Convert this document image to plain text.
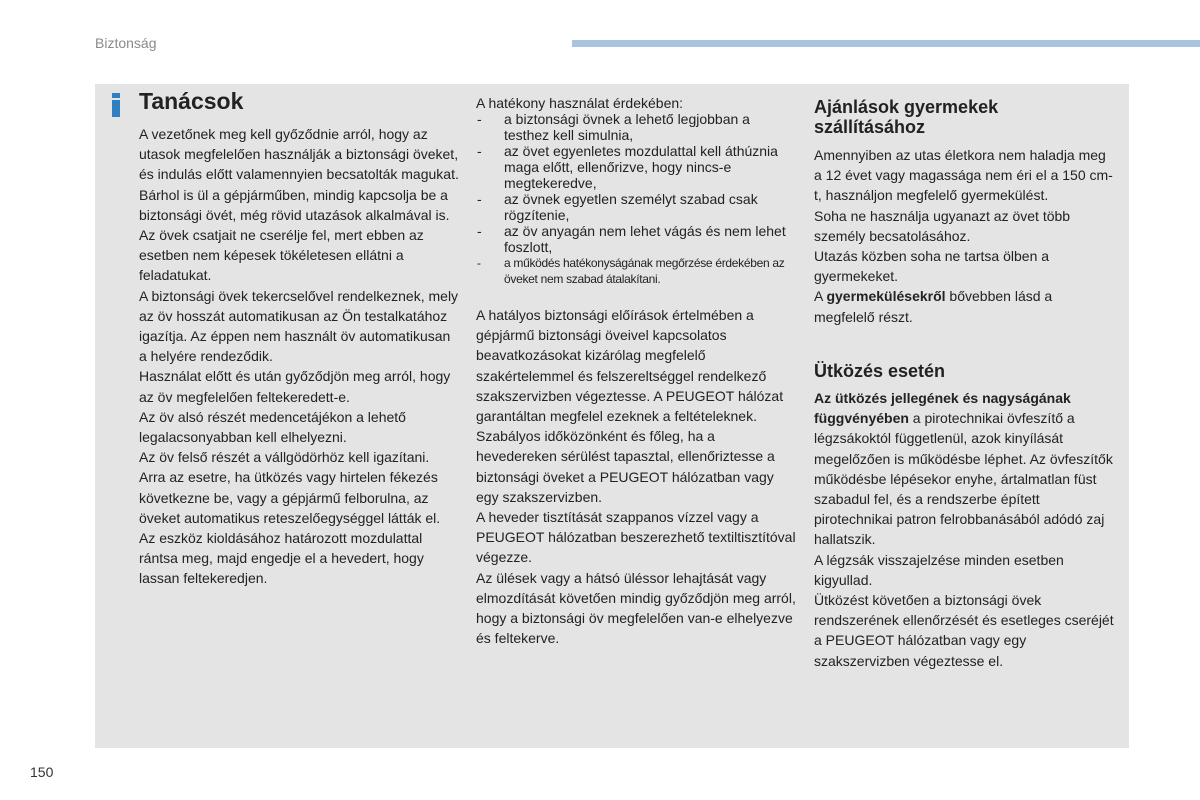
Biztonság
Tanácsok

A vezetőnek meg kell győződnie arról, hogy az utasok megfelelően használják a biztonsági öveket, és indulás előtt valamennyien becsatolták magukat.

Bárhol is ül a gépjárműben, mindig kapcsolja be a biztonsági övét, még rövid utazások alkalmával is.

Az övek csatjait ne cserélje fel, mert ebben az esetben nem képesek tökéletesen ellátni a feladatukat.

A biztonsági övek tekercselővel rendelkeznek, mely az öv hosszát automatikusan az Ön testalkatához igazítja. Az éppen nem használt öv automatikusan a helyére rendeződik.

Használat előtt és után győződjön meg arról, hogy az öv megfelelően feltekeredett-e.

Az öv alsó részét medencetájékon a lehető legalacsonyabban kell elhelyezni.

Az öv felső részét a vállgödörhöz kell igazítani.

Arra az esetre, ha ütközés vagy hirtelen fékezés következne be, vagy a gépjármű felborulna, az öveket automatikus reteszelőegységgel látták el. Az eszköz kioldásához határozott mozdulattal rántsa meg, majd engedje el a hevedert, hogy lassan feltekeredjen.

A hatékony használat érdekében:

- a biztonsági övnek a lehető legjobban a testhez kell simulnia,
- az övet egyenletes mozdulattal kell áthúznia maga előtt, ellenőrizve, hogy nincs-e megtekeredve,
- az övnek egyetlen személyt szabad csak rögzítenie,
- az öv anyagán nem lehet vágás és nem lehet foszlott,
- a működés hatékonyságának megőrzése érdekében az öveket nem szabad átalakítani.

A hatályos biztonsági előírások értelmében a gépjármű biztonsági öveivel kapcsolatos beavatkozásokat kizárólag megfelelő szakértelemmel és felszereltséggel rendelkező szakszervizben végeztesse. A PEUGEOT hálózat garantáltan megfelel ezeknek a feltételeknek.

Szabályos időközönként és főleg, ha a hevedereken sérülést tapasztal, ellenőriztesse a biztonsági öveket a PEUGEOT hálózatban vagy egy szakszervizben.

A heveder tisztítását szappanos vízzel vagy a PEUGEOT hálózatban beszerezhető textiltisztítóval végezze.

Az ülések vagy a hátsó üléssor lehajtását vagy elmozdítását követően mindig győződjön meg arról, hogy a biztonsági öv megfelelően van-e elhelyezve és feltekerve.

Ajánlások gyermekek szállításához

Amennyiben az utas életkora nem haladja meg a 12 évet vagy magassága nem éri el a 150 cm-t, használjon megfelelő gyermekülést.

Soha ne használja ugyanazt az övet több személy becsatolásához.

Utazás közben soha ne tartsa ölben a gyermekeket.

A gyermekülésekről bővebben lásd a megfelelő részt.

Ütközés esetén

Az ütközés jellegének és nagyságának függvényében a pirotechnikai övfeszítő a légzsákoktól függetlenül, azok kinyílását megelőzően is működésbe léphet. Az övfeszítők működésbe lépésekor enyhe, ártalmatlan füst szabadul fel, és a rendszerbe épített pirotechnikai patron felrobbanásából adódó zaj hallatszik.

A légzsák visszajelzése minden esetben kigyullad.

Ütközést követően a biztonsági övek rendszerének ellenőrzését és esetleges cseréjét a PEUGEOT hálózatban vagy egy szakszervizben végeztesse el.

150
